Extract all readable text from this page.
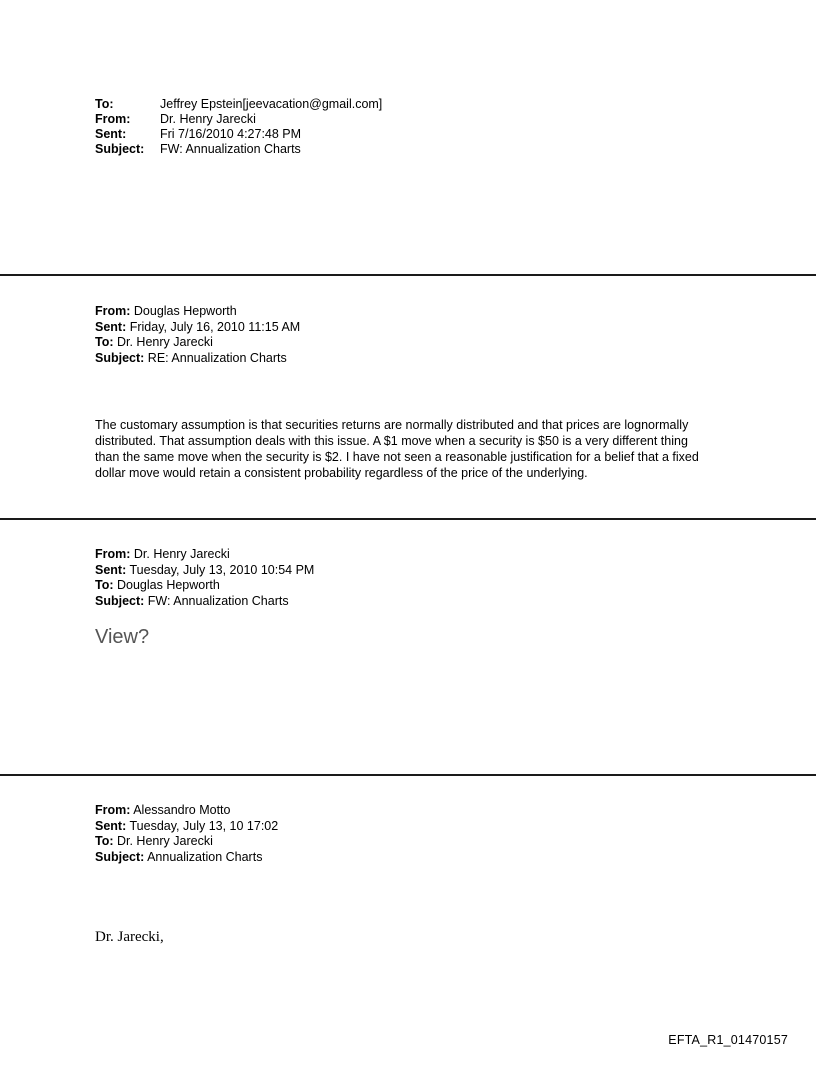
To:	Jeffrey Epstein[jeevacation@gmail.com]
From:	Dr. Henry Jarecki
Sent:	Fri 7/16/2010 4:27:48 PM
Subject:	FW: Annualization Charts
From: Douglas Hepworth
Sent: Friday, July 16, 2010 11:15 AM
To: Dr. Henry Jarecki
Subject: RE: Annualization Charts
The customary assumption is that securities returns are normally distributed and that prices are lognormally distributed. That assumption deals with this issue. A $1 move when a security is $50 is a very different thing than the same move when the security is $2. I have not seen a reasonable justification for a belief that a fixed dollar move would retain a consistent probability regardless of the price of the underlying.
From: Dr. Henry Jarecki
Sent: Tuesday, July 13, 2010 10:54 PM
To: Douglas Hepworth
Subject: FW: Annualization Charts
View?
From: Alessandro Motto
Sent: Tuesday, July 13, 10 17:02
To: Dr. Henry Jarecki
Subject: Annualization Charts
Dr. Jarecki,
EFTA_R1_01470157
